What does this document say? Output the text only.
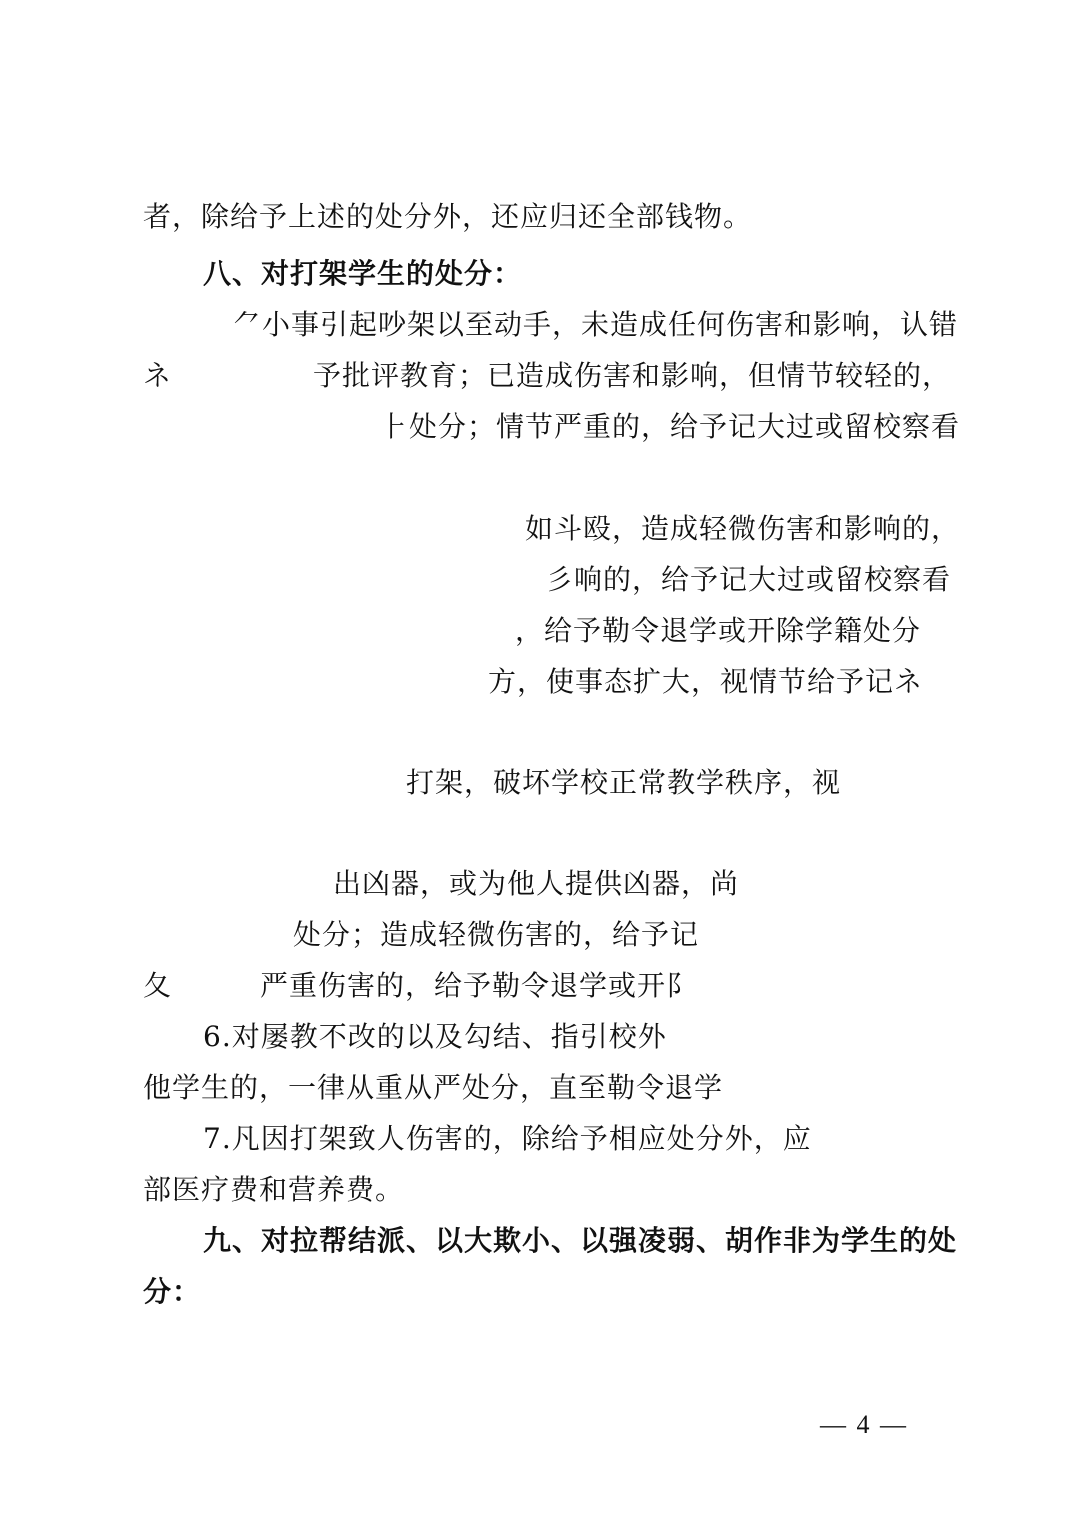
者，除给予上述的处分外，还应归还全部钱物。
八、对打架学生的处分：
⺈小事引起吵架以至动手，未造成任何伤害和影响，认错
ネ	予批评教育；已造成伤害和影响，但情节较轻的，
⺊处分；情节严重的，给予记大过或留校察看
如斗殴，造成轻微伤害和影响的，
彡响的，给予记大过或留校察看
，给予勒令退学或开除学籍处分
方，使事态扩大，视情节给予记ネ
打架，破坏学校正常教学秩序，视
出凶器，或为他人提供凶器，尚
处分；造成轻微伤害的，给予记
夂	严重伤害的，给予勒令退学或开阝
6.对屡教不改的以及勾结、指引校外
他学生的，一律从重从严处分，直至勒令退学
7.凡因打架致人伤害的，除给予相应处分外，应
部医疗费和营养费。
九、对拉帮结派、以大欺小、以强凌弱、胡作非为学生的处
分：
— 4 —
